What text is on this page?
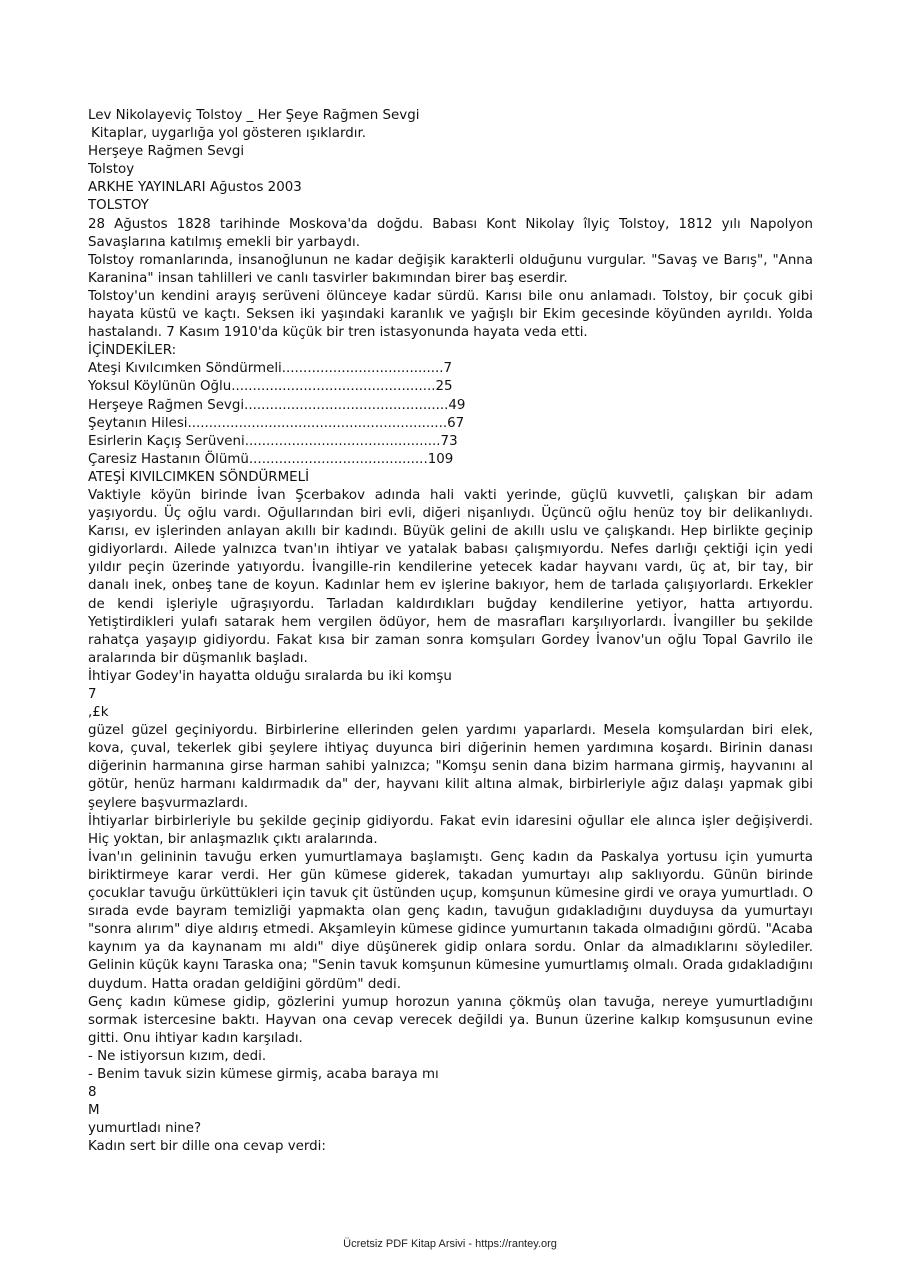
Lev Nikolayeviç Tolstoy _ Her Şeye Rağmen Sevgi
Kitaplar, uygarlığa yol gösteren ışıklardır.
Herşeye Rağmen Sevgi
Tolstoy
ARKHE YAYINLARI Ağustos 2003
TOLSTOY
28 Ağustos 1828 tarihinde Moskova'da doğdu. Babası Kont Nikolay îlyiç Tolstoy, 1812 yılı Napolyon Savaşlarına katılmış emekli bir yarbaydı.
Tolstoy romanlarında, insanoğlunun ne kadar değişik karakterli olduğunu vurgular. "Savaş ve Barış", "Anna Karanina" insan tahlilleri ve canlı tasvirler bakımından birer baş eserdir.
Tolstoy'un kendini arayış serüveni ölünceye kadar sürdü. Karısı bile onu anlamadı. Tolstoy, bir çocuk gibi hayata küstü ve kaçtı. Seksen iki yaşındaki karanlık ve yağışlı bir Ekim gecesinde köyünden ayrıldı. Yolda hastalandı. 7 Kasım 1910'da küçük bir tren istasyonunda hayata veda etti.
İÇİNDEKİLER:
Ateşi Kıvılcımken Söndürmeli......................................7
Yoksul Köylünün Oğlu................................................25
Herşeye Rağmen Sevgi................................................49
Şeytanın Hilesi.............................................................67
Esirlerin Kaçış Serüveni..............................................73
Çaresiz Hastanın Ölümü..........................................109
ATEŞİ KIVILCIMKEN SÖNDÜRMELİ
Vaktiyle köyün birinde İvan Şcerbakov adında hali vakti yerinde, güçlü kuvvetli, çalışkan bir adam yaşıyordu. Üç oğlu vardı. Oğullarından biri evli, diğeri nişanlıydı. Üçüncü oğlu henüz toy bir delikanlıydı. Karısı, ev işlerinden anlayan akıllı bir kadındı. Büyük gelini de akıllı uslu ve çalışkandı. Hep birlikte geçinip gidiyorlardı. Ailede yalnızca tvan'ın ihtiyar ve yatalak babası çalışmıyordu. Nefes darlığı çektiği için yedi yıldır peçin üzerinde yatıyordu. İvangille-rin kendilerine yetecek kadar hayvanı vardı, üç at, bir tay, bir danalı inek, onbeş tane de koyun. Kadınlar hem ev işlerine bakıyor, hem de tarlada çalışıyorlardı. Erkekler de kendi işleriyle uğraşıyordu. Tarladan kaldırdıkları buğday kendilerine yetiyor, hatta artıyordu. Yetiştirdikleri yulafı satarak hem vergilen ödüyor, hem de masrafları karşılıyorlardı. İvangiller bu şekilde rahatça yaşayıp gidiyordu. Fakat kısa bir zaman sonra komşuları Gordey İvanov'un oğlu Topal Gavrilo ile aralarında bir düşmanlık başladı.
İhtiyar Godey'in hayatta olduğu sıralarda bu iki komşu
7
,£k
güzel güzel geçiniyordu. Birbirlerine ellerinden gelen yardımı yaparlardı. Mesela komşulardan biri elek, kova, çuval, tekerlek gibi şeylere ihtiyaç duyunca biri diğerinin hemen yardımına koşardı. Birinin danası diğerinin harmanına girse harman sahibi yalnızca; "Komşu senin dana bizim harmana girmiş, hayvanını al götür, henüz harmanı kaldırmadık da" der, hayvanı kilit altına almak, birbirleriyle ağız dalaşı yapmak gibi şeylere başvurmazlardı.
İhtiyarlar birbirleriyle bu şekilde geçinip gidiyordu. Fakat evin idaresini oğullar ele alınca işler değişiverdi. Hiç yoktan, bir anlaşmazlık çıktı aralarında.
İvan'ın gelininin tavuğu erken yumurtlamaya başlamıştı. Genç kadın da Paskalya yortusu için yumurta biriktirmeye karar verdi. Her gün kümese giderek, takadan yumurtayı alıp saklıyordu. Günün birinde çocuklar tavuğu ürküttükleri için tavuk çit üstünden uçup, komşunun kümesine girdi ve oraya yumurtladı. O sırada evde bayram temizliği yapmakta olan genç kadın, tavuğun gıdakladığını duyduysa da yumurtayı "sonra alırım" diye aldırış etmedi. Akşamleyin kümese gidince yumurtanın takada olmadığını gördü. "Acaba kaynım ya da kaynanam mı aldı" diye düşünerek gidip onlara sordu. Onlar da almadıklarını söylediler. Gelinin küçük kaynı Taraska ona; "Senin tavuk komşunun kümesine yumurtlamış olmalı. Orada gıdakladığını duydum. Hatta oradan geldiğini gördüm" dedi.
Genç kadın kümese gidip, gözlerini yumup horozun yanına çökmüş olan tavuğa, nereye yumurtladığını sormak istercesine baktı. Hayvan ona cevap verecek değildi ya. Bunun üzerine kalkıp komşusunun evine gitti. Onu ihtiyar kadın karşıladı.
- Ne istiyorsun kızım, dedi.
- Benim tavuk sizin kümese girmiş, acaba baraya mı
8
M
yumurtladı nine?
Kadın sert bir dille ona cevap verdi:
Ücretsiz PDF Kitap Arsivi - https://rantey.org
